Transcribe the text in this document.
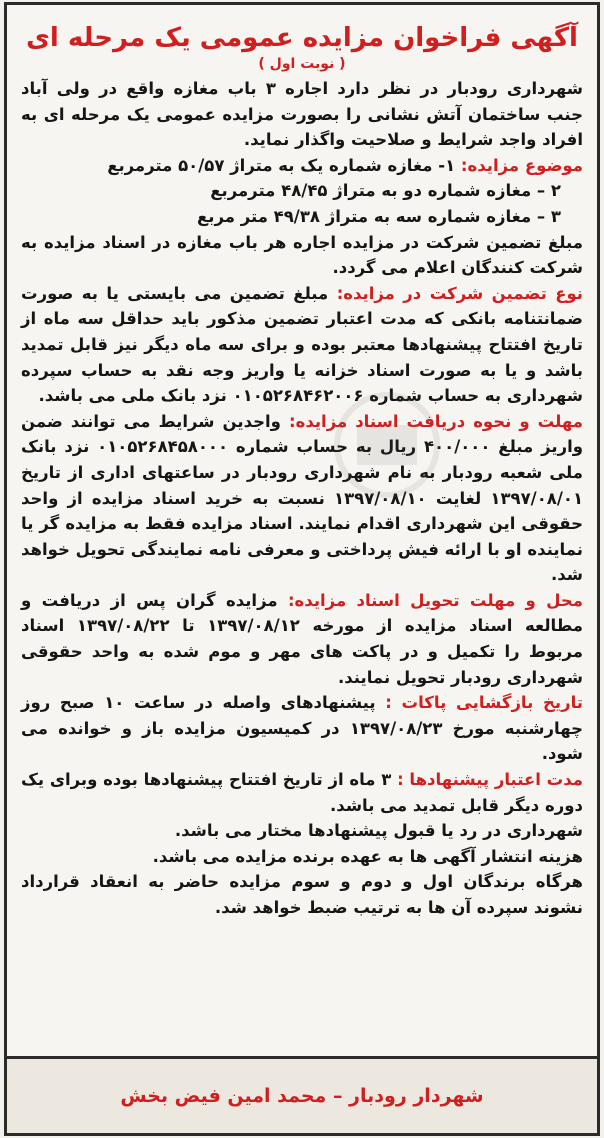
آگهی فراخوان مزایده عمومی یک مرحله ای

( نوبت اول )

شهرداری رودبار در نظر دارد اجاره ۳ باب مغازه واقع در ولی آباد جنب ساختمان آتش نشانی را بصورت مزایده عمومی یک مرحله ای به افراد واجد شرایط و صلاحیت واگذار نماید.

موضوع مزایده: ۱- مغازه شماره یک به متراژ ۵۰/۵۷ مترمربع

۲ – مغازه شماره دو به متراژ ۴۸/۴۵ مترمربع

۳ – مغازه شماره سه به متراژ ۴۹/۳۸ متر مربع

مبلغ تضمین شرکت در مزایده اجاره هر باب مغازه در اسناد مزایده به شرکت کنندگان اعلام می گردد.

نوع تضمین شرکت در مزایده: مبلغ تضمین می بایستی یا به صورت ضمانتنامه بانکی که مدت اعتبار تضمین مذکور باید حداقل سه ماه از تاریخ افتتاح پیشنهادها معتبر بوده و برای سه ماه دیگر نیز قابل تمدید باشد و یا به صورت اسناد خزانه یا واریز وجه نقد به حساب سپرده شهرداری به حساب شماره ۰۱۰۵۲۶۸۴۶۲۰۰۶ نزد بانک ملی می باشد.

مهلت و نحوه دریافت اسناد مزایده: واجدین شرایط می توانند ضمن واریز مبلغ ۴۰۰/۰۰۰ ریال به حساب شماره ۰۱۰۵۲۶۸۴۵۸۰۰۰ نزد بانک ملی شعبه رودبار به نام شهرداری رودبار در ساعتهای اداری از تاریخ ۱۳۹۷/۰۸/۰۱ لغایت ۱۳۹۷/۰۸/۱۰ نسبت به خرید اسناد مزایده از واحد حقوقی این شهرداری اقدام نمایند. اسناد مزایده فقط به مزایده گر یا نماینده او با ارائه فیش پرداختی و معرفی نامه نمایندگی تحویل خواهد شد.

محل و مهلت تحویل اسناد مزایده: مزایده گران پس از دریافت و مطالعه اسناد مزایده از مورخه ۱۳۹۷/۰۸/۱۲ تا ۱۳۹۷/۰۸/۲۲ اسناد مربوط را تکمیل و در پاکت های مهر و موم شده به واحد حقوقی شهرداری رودبار تحویل نمایند.

تاریخ بازگشایی پاکات : پیشنهادهای واصله در ساعت ۱۰ صبح روز چهارشنبه مورخ ۱۳۹۷/۰۸/۲۳ در کمیسیون مزایده باز و خوانده می شود.

مدت اعتبار پیشنهادها : ۳ ماه از تاریخ افتتاح پیشنهادها بوده وبرای یک دوره دیگر قابل تمدید می باشد.

شهرداری در رد یا قبول پیشنهادها مختار می باشد.

هزینه انتشار آگهی ها به عهده برنده مزایده می باشد.

هرگاه برندگان اول و دوم و سوم مزایده حاضر به انعقاد قرارداد نشوند سپرده آن ها به ترتیب ضبط خواهد شد.

شهردار رودبار – محمد امین فیض بخش
